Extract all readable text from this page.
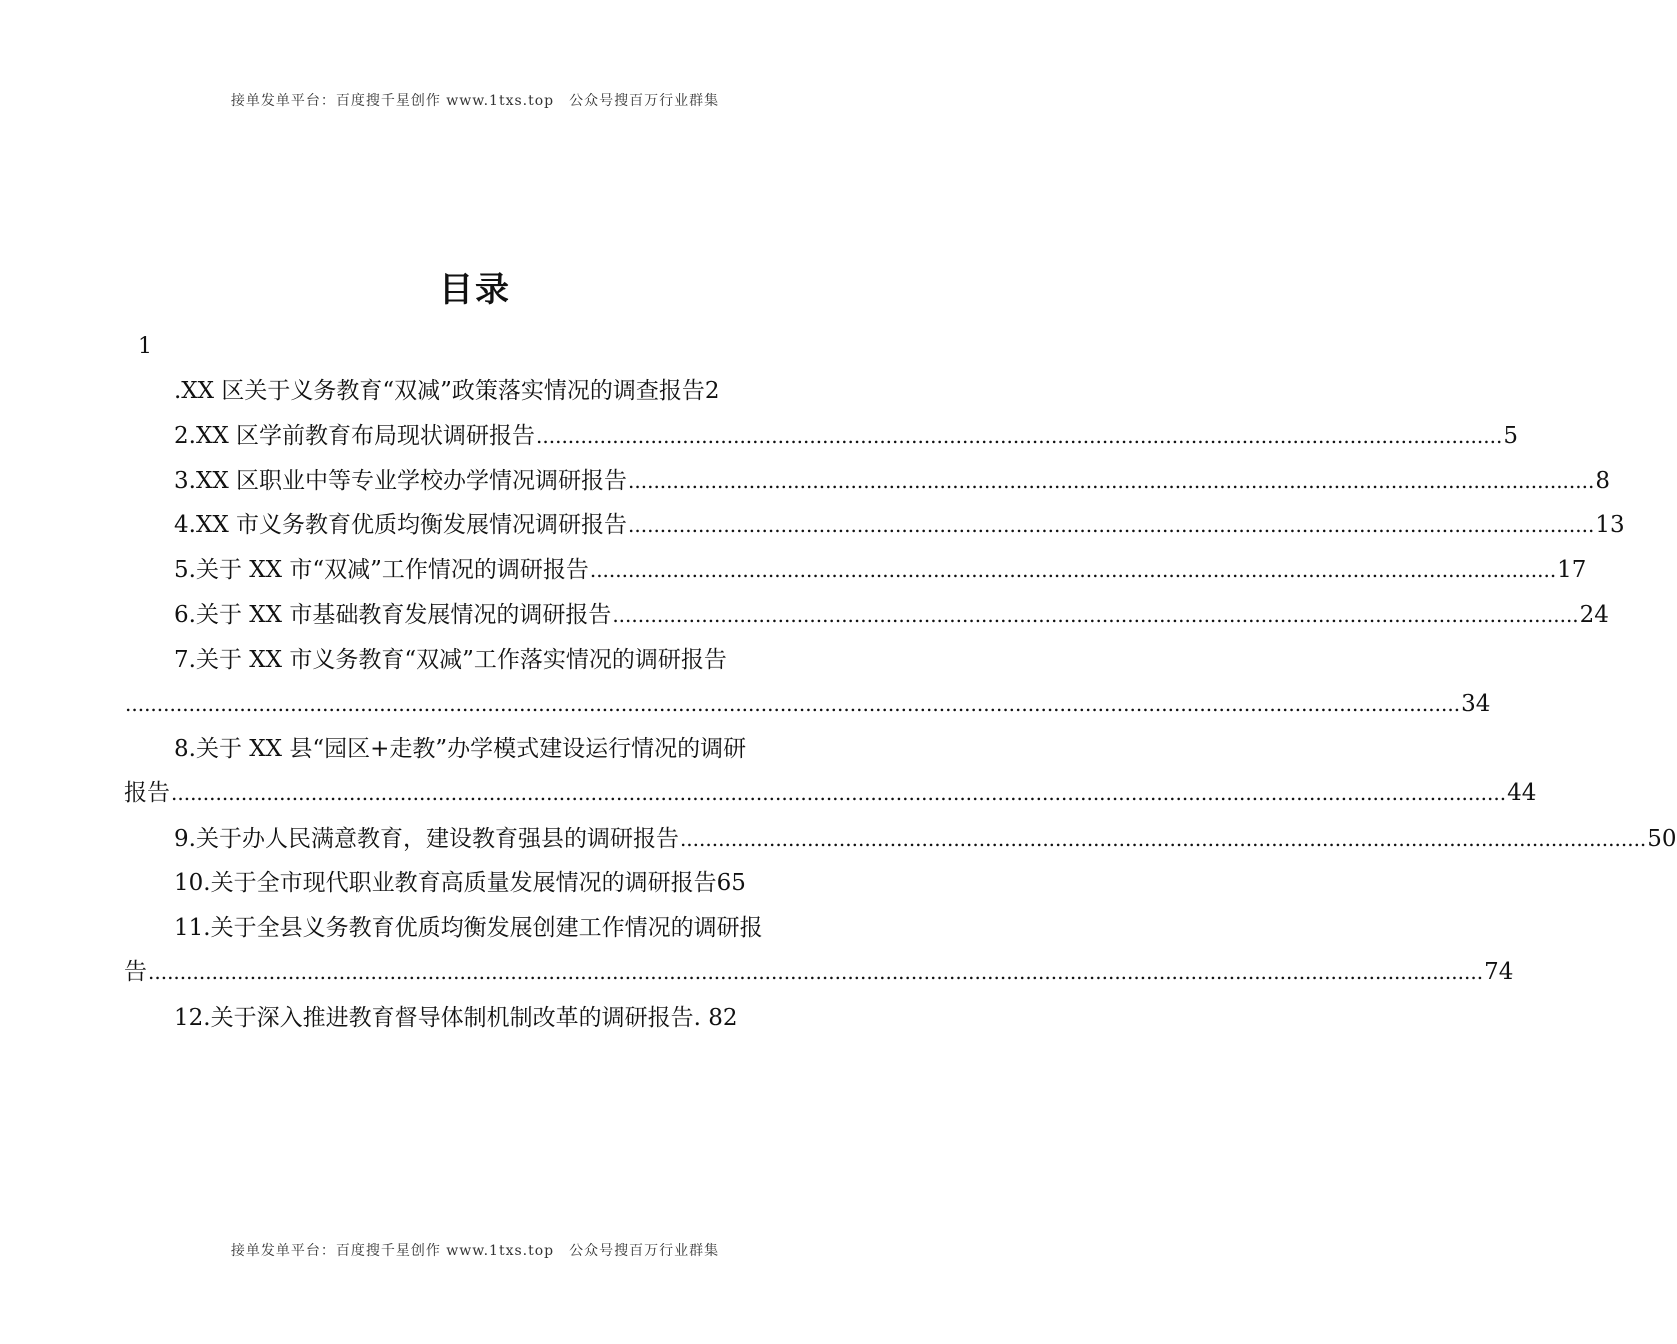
接单发单平台：百度搜千星创作 www.1txs.top　公众号搜百万行业群集
目录
1
.XX 区关于义务教育“双减”政策落实情况的调查报告2
2.XX 区学前教育布局现状调研报告 ........................................................................................................................................................ 5
3.XX 区职业中等专业学校办学情况调研报告 ........................................................................................................................................................ 8
4.XX 市义务教育优质均衡发展情况调研报告 ........................................................................................................................................................ 13
5.关于 XX 市“双减”工作情况的调研报告 ........................................................................................................................................................ 17
6.关于 XX 市基础教育发展情况的调研报告 ........................................................................................................................................................ 24
7.关于 XX 市义务教育“双减”工作落实情况的调研报告
.................................................................................................................................................................................................................. 34
8.关于 XX 县“园区+走教”办学模式建设运行情况的调研
报告 .................................................................................................................................................................................................................. 44
9.关于办人民满意教育，建设教育强县的调研报告 ........................................................................................................................................................ 50
10.关于全市现代职业教育高质量发展情况的调研报告65
11.关于全县义务教育优质均衡发展创建工作情况的调研报
告 .................................................................................................................................................................................................................. 74
12.关于深入推进教育督导体制机制改革的调研报告. 82
接单发单平台：百度搜千星创作 www.1txs.top　公众号搜百万行业群集
